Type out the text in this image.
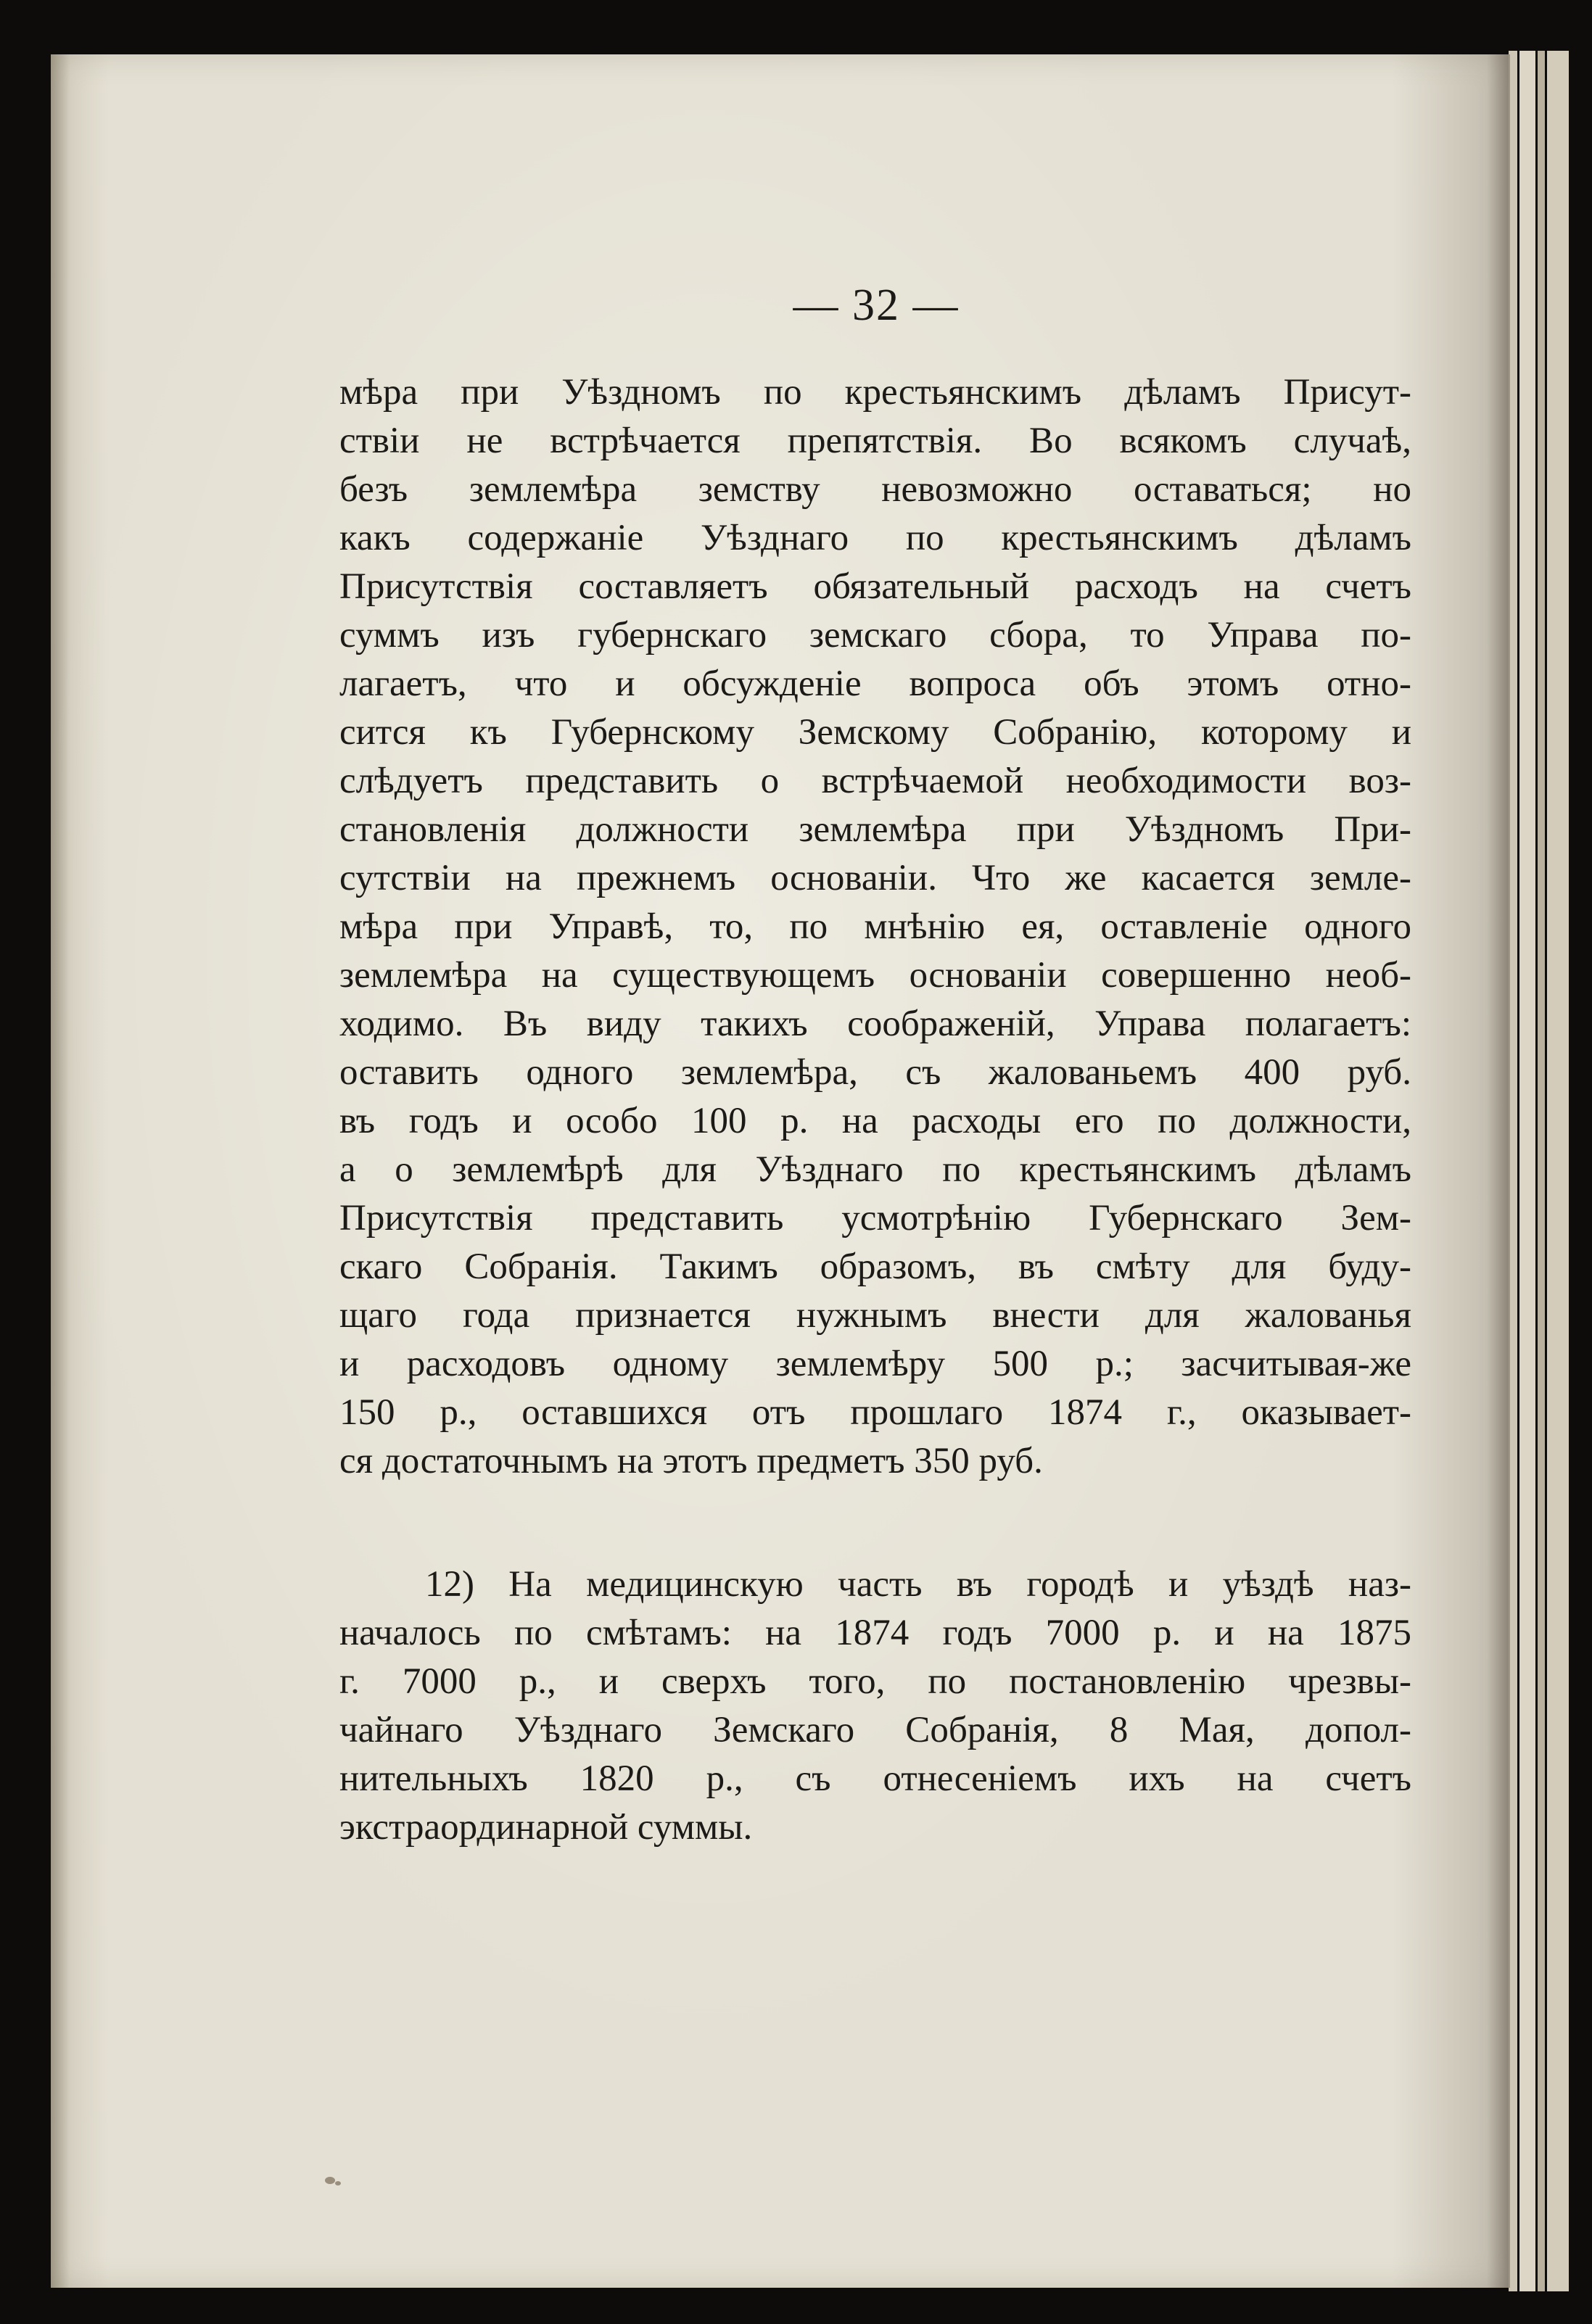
— 32 —
мѣра при Уѣздномъ по крестьянскимъ дѣламъ Присут-
ствіи не встрѣчается препятствія. Во всякомъ случаѣ,
безъ землемѣра земству невозможно оставаться; но
какъ содержаніе Уѣзднаго по крестьянскимъ дѣламъ
Присутствія составляетъ обязательный расходъ на счетъ
суммъ изъ губернскаго земскаго сбора, то Управа по-
лагаетъ, что и обсужденіе вопроса объ этомъ отно-
сится къ Губернскому Земскому Собранію, которому и
слѣдуетъ представить о встрѣчаемой необходимости воз-
становленія должности землемѣра при Уѣздномъ При-
сутствіи на прежнемъ основаніи. Что же касается земле-
мѣра при Управѣ, то, по мнѣнію ея, оставленіе одного
землемѣра на существующемъ основаніи совершенно необ-
ходимо. Въ виду такихъ соображеній, Управа полагаетъ:
оставить одного землемѣра, съ жалованьемъ 400 руб.
въ годъ и особо 100 р. на расходы его по должности,
а о землемѣрѣ для Уѣзднаго по крестьянскимъ дѣламъ
Присутствія представить усмотрѣнію Губернскаго Зем-
скаго Собранія. Такимъ образомъ, въ смѣту для буду-
щаго года признается нужнымъ внести для жалованья
и расходовъ одному землемѣру 500 р.; засчитывая-же
150 р., оставшихся отъ прошлаго 1874 г., оказывает-
ся достаточнымъ на этотъ предметъ 350 руб.
12) На медицинскую часть въ городѣ и уѣздѣ наз-
началось по смѣтамъ: на 1874 годъ 7000 р. и на 1875
г. 7000 р., и сверхъ того, по постановленію чрезвы-
чайнаго Уѣзднаго Земскаго Собранія, 8 Мая, допол-
нительныхъ 1820 р., съ отнесеніемъ ихъ на счетъ
экстраординарной суммы.
